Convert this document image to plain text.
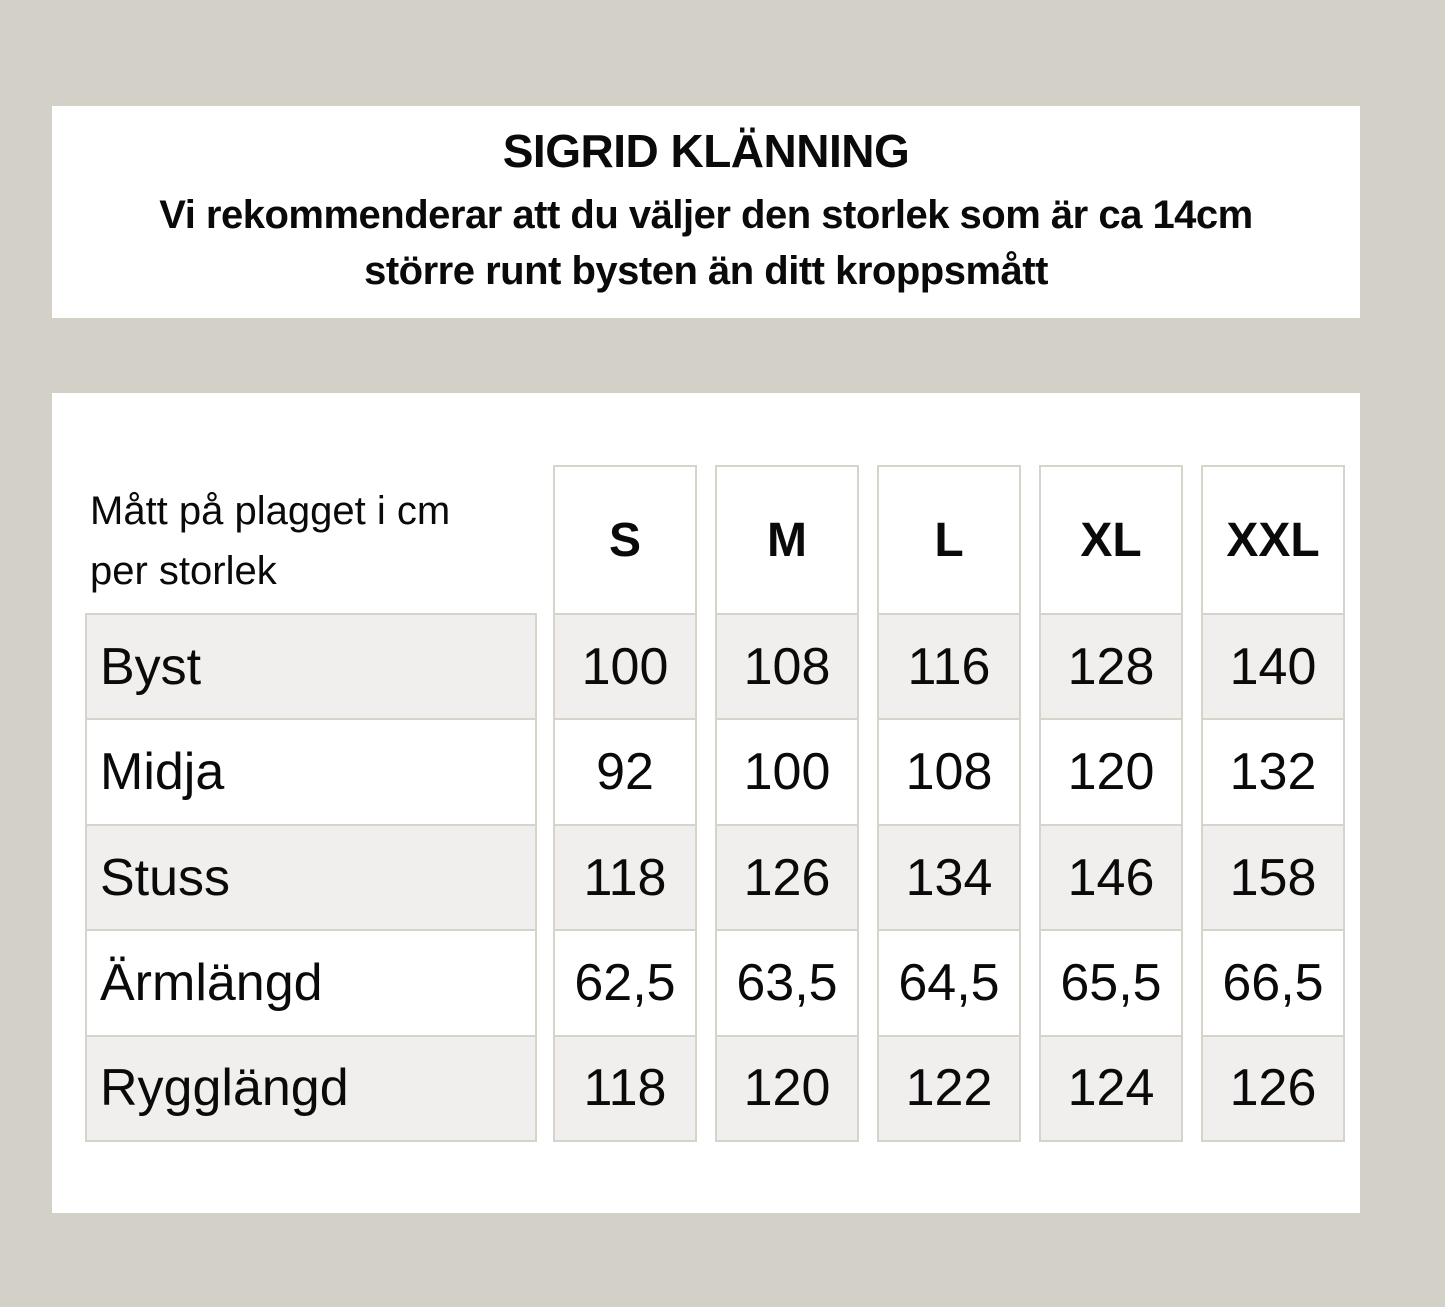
SIGRID KLÄNNING
Vi rekommenderar att du väljer den storlek som är ca 14cm
större runt bysten än ditt kroppsmått
Mått på plagget i cm
per storlek
Byst
Midja
Stuss
Ärmlängd
Rygglängd
S
100
92
118
62,5
118
M
108
100
126
63,5
120
L
116
108
134
64,5
122
XL
128
120
146
65,5
124
XXL
140
132
158
66,5
126
